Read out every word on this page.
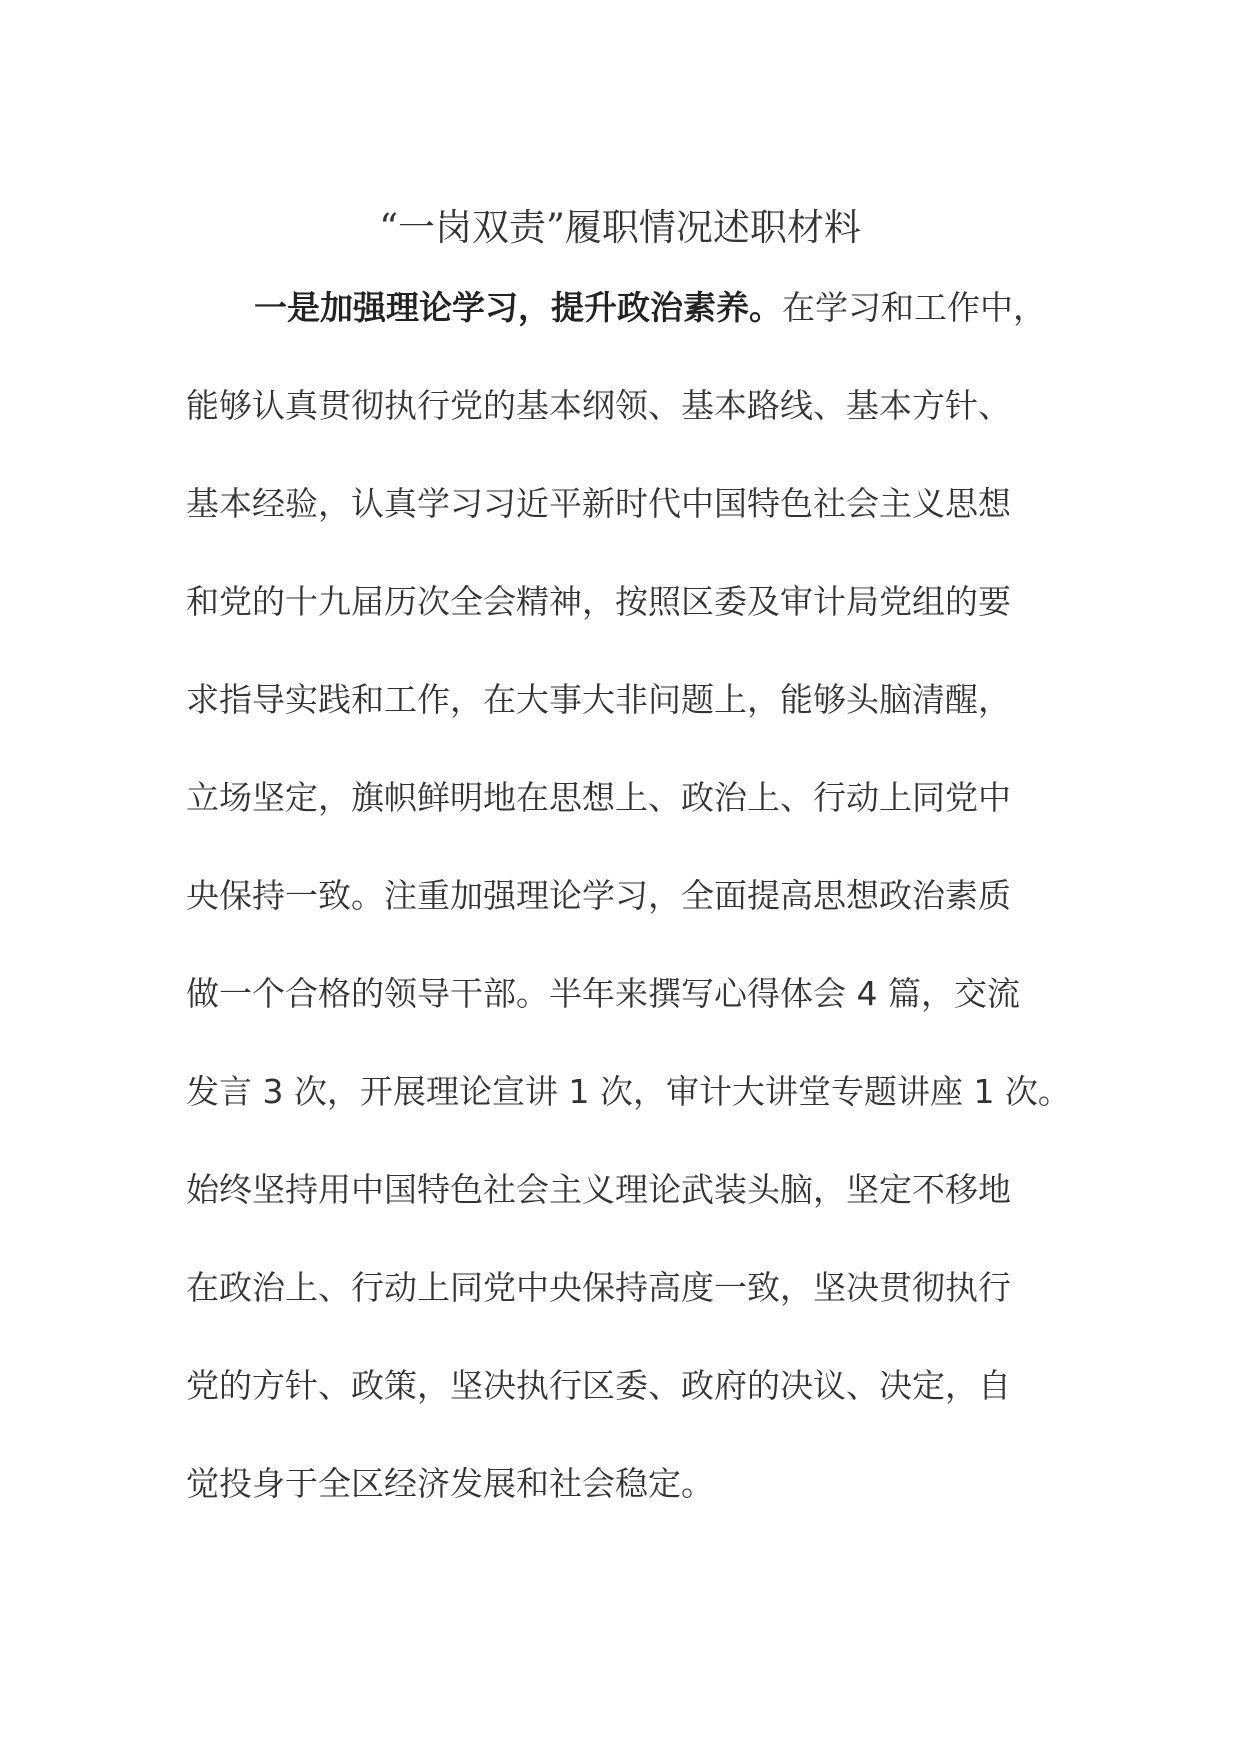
“一岗双责”履职情况述职材料
一是加强理论学习，提升政治素养。在学习和工作中，
能够认真贯彻执行党的基本纲领、基本路线、基本方针、
基本经验，认真学习习近平新时代中国特色社会主义思想
和党的十九届历次全会精神，按照区委及审计局党组的要
求指导实践和工作，在大事大非问题上，能够头脑清醒，
立场坚定，旗帜鲜明地在思想上、政治上、行动上同党中
央保持一致。注重加强理论学习，全面提高思想政治素质
做一个合格的领导干部。半年来撰写心得体会 4 篇，交流
发言 3 次，开展理论宣讲 1 次，审计大讲堂专题讲座 1 次。
始终坚持用中国特色社会主义理论武装头脑，坚定不移地
在政治上、行动上同党中央保持高度一致，坚决贯彻执行
党的方针、政策，坚决执行区委、政府的决议、决定，自
觉投身于全区经济发展和社会稳定。
